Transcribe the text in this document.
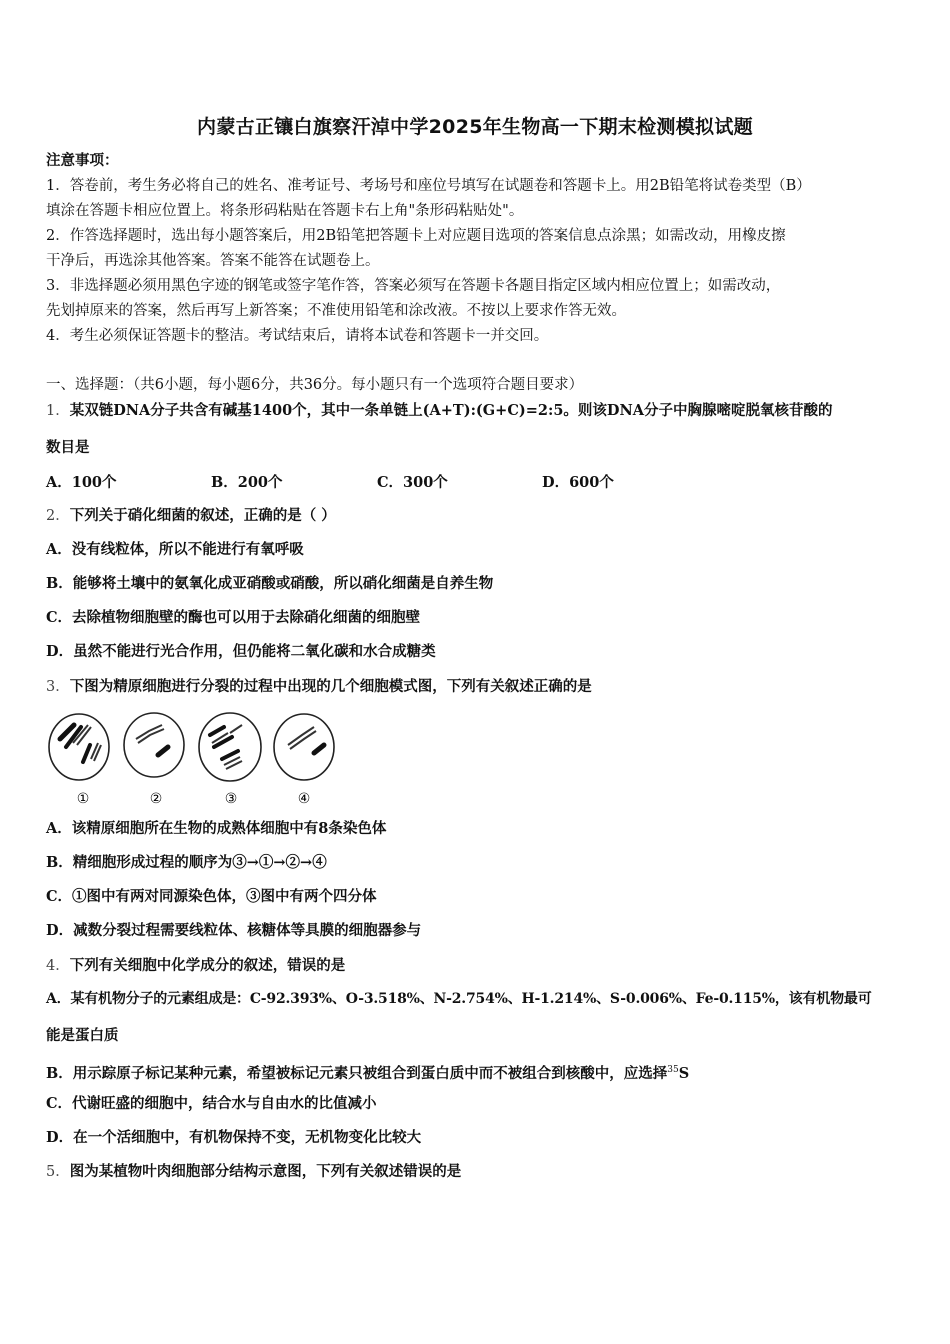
内蒙古正镶白旗察汗淖中学2025年生物高一下期末检测模拟试题
注意事项：
1．答卷前，考生务必将自己的姓名、准考证号、考场号和座位号填写在试题卷和答题卡上。用2B铅笔将试卷类型（B）
填涂在答题卡相应位置上。将条形码粘贴在答题卡右上角"条形码粘贴处"。
2．作答选择题时，选出每小题答案后，用2B铅笔把答题卡上对应题目选项的答案信息点涂黑；如需改动，用橡皮擦
干净后，再选涂其他答案。答案不能答在试题卷上。
3．非选择题必须用黑色字迹的钢笔或签字笔作答，答案必须写在答题卡各题目指定区域内相应位置上；如需改动，
先划掉原来的答案，然后再写上新答案；不准使用铅笔和涂改液。不按以上要求作答无效。
4．考生必须保证答题卡的整洁。考试结束后，请将本试卷和答题卡一并交回。
一、选择题：（共6小题，每小题6分，共36分。每小题只有一个选项符合题目要求）
1．某双链DNA分子共含有碱基1400个，其中一条单链上(A+T):(G+C)=2:5。则该DNA分子中胸腺嘧啶脱氧核苷酸的
数目是
A．100个	B．200个	C．300个	D．600个
2．下列关于硝化细菌的叙述，正确的是（ ）
A．没有线粒体，所以不能进行有氧呼吸
B．能够将土壤中的氨氧化成亚硝酸或硝酸，所以硝化细菌是自养生物
C．去除植物细胞壁的酶也可以用于去除硝化细菌的细胞壁
D．虽然不能进行光合作用，但仍能将二氧化碳和水合成糖类
3．下图为精原细胞进行分裂的过程中出现的几个细胞模式图，下列有关叙述正确的是
①	②	③	④
A．该精原细胞所在生物的成熟体细胞中有8条染色体
B．精细胞形成过程的顺序为③→①→②→④
C．①图中有两对同源染色体，③图中有两个四分体
D．减数分裂过程需要线粒体、核糖体等具膜的细胞器参与
4．下列有关细胞中化学成分的叙述，错误的是
A．某有机物分子的元素组成是：C-92.393%、O-3.518%、N-2.754%、H-1.214%、S-0.006%、Fe-0.115%，该有机物最可
能是蛋白质
B．用示踪原子标记某种元素，希望被标记元素只被组合到蛋白质中而不被组合到核酸中，应选择$^{35}$S
C．代谢旺盛的细胞中，结合水与自由水的比值减小
D．在一个活细胞中，有机物保持不变，无机物变化比较大
5．图为某植物叶肉细胞部分结构示意图，下列有关叙述错误的是
